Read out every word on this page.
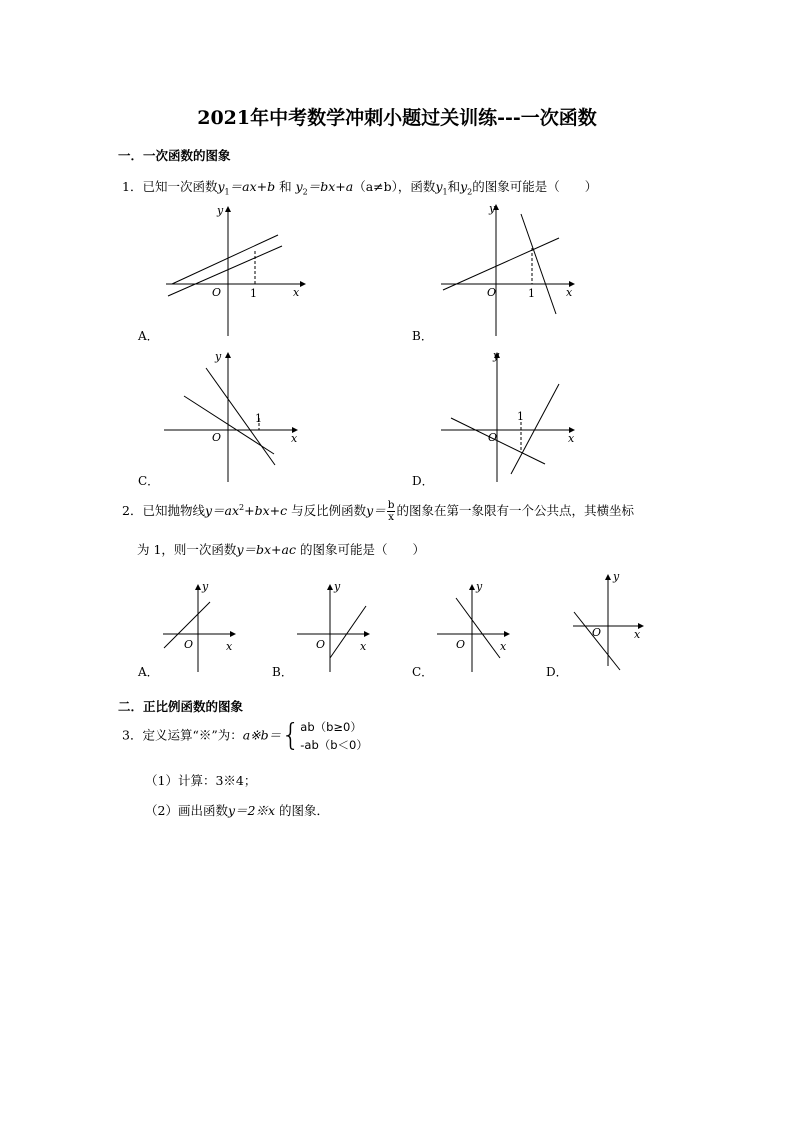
2021年中考数学冲刺小题过关训练---一次函数
一．一次函数的图象
1．已知一次函数$y_1=ax+b$ 和 $y_2=bx+a(a\ne b)$，函数$y_1$和$y_2$的图象可能是（　　）
O	1	x
y
A．
O	1	x
y
B．
O
1
x
y
C．
O
1
x
y
D．
2．已知抛物线$y=ax^2+bx+c$ 与反比例函数$y= \frac{b}{x}$ 的图象在第一象限有一个公共点，其横坐标
为 1，则一次函数y＝bx+ac 的图象可能是（　　）
O	x
y
A．
O	x
y
B．
O	x
y
C．
O	x
y
D．
二．正比例函数的图象
3．定义运算“※”为：a※b＝{ ab（b≥0）
-ab（b＜0）
（1）计算：3※4；
（2）画出函数y＝2※x 的图象．
